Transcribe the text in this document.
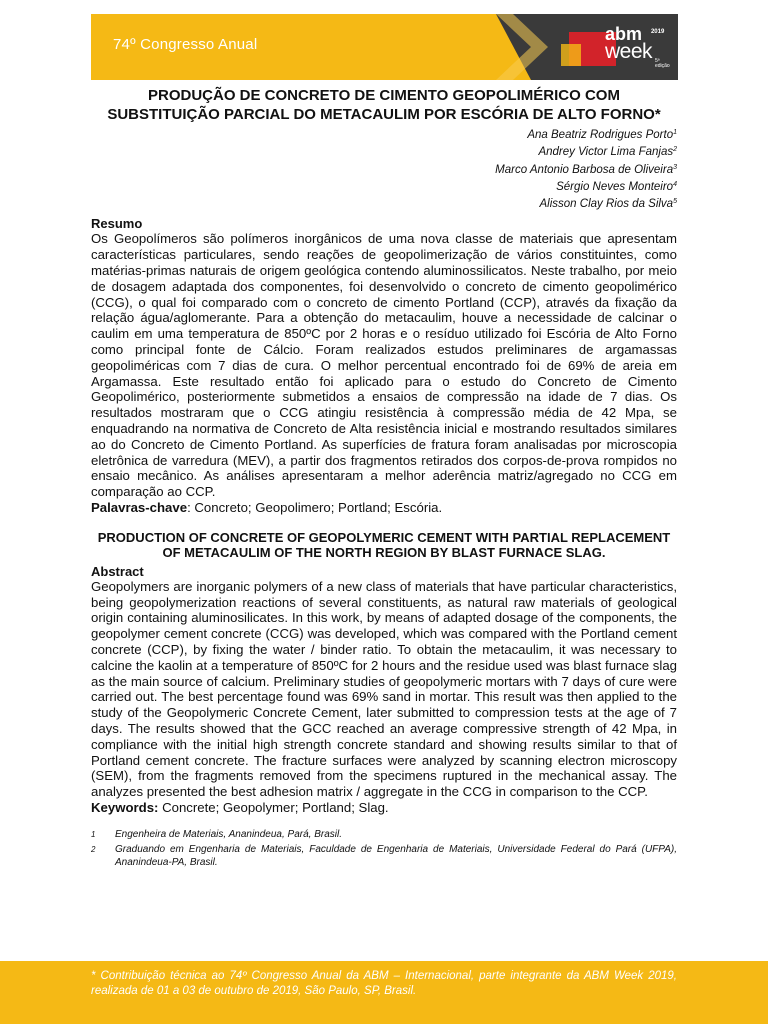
74º Congresso Anual
abm
week
2019
5ª edição
PRODUÇÃO DE CONCRETO DE CIMENTO GEOPOLIMÉRICO COM SUBSTITUIÇÃO PARCIAL DO METACAULIM POR ESCÓRIA DE ALTO FORNO*
Ana Beatriz Rodrigues Porto$^1$
Andrey Victor Lima Fanjas$^2$
Marco Antonio Barbosa de Oliveira$^3$
Sérgio Neves Monteiro$^4$
Alisson Clay Rios da Silva$^5$
Resumo

Os Geopolímeros são polímeros inorgânicos de uma nova classe de materiais que apresentam características particulares, sendo reações de geopolimerização de vários constituintes, como matérias-primas naturais de origem geológica contendo aluminossilicatos. Neste trabalho, por meio de dosagem adaptada dos componentes, foi desenvolvido o concreto de cimento geopolimérico (CCG), o qual foi comparado com o concreto de cimento Portland (CCP), através da fixação da relação água/aglomerante. Para a obtenção do metacaulim, houve a necessidade de calcinar o caulim em uma temperatura de 850ºC por 2 horas e o resíduo utilizado foi Escória de Alto Forno como principal fonte de Cálcio. Foram realizados estudos preliminares de argamassas geopoliméricas com 7 dias de cura. O melhor percentual encontrado foi de 69% de areia em Argamassa. Este resultado então foi aplicado para o estudo do Concreto de Cimento Geopolimérico, posteriormente submetidos a ensaios de compressão na idade de 7 dias. Os resultados mostraram que o CCG atingiu resistência à compressão média de 42 Mpa, se enquadrando na normativa de Concreto de Alta resistência inicial e mostrando resultados similares ao do Concreto de Cimento Portland. As superfícies de fratura foram analisadas por microscopia eletrônica de varredura (MEV), a partir dos fragmentos retirados dos corpos-de-prova rompidos no ensaio mecânico. As análises apresentaram a melhor aderência matriz/agregado no CCG em comparação ao CCP.

Palavras-chave: Concreto; Geopolimero; Portland; Escória.

PRODUCTION OF CONCRETE OF GEOPOLYMERIC CEMENT WITH PARTIAL REPLACEMENT OF METACAULIM OF THE NORTH REGION BY BLAST FURNACE SLAG.
Abstract

Geopolymers are inorganic polymers of a new class of materials that have particular characteristics, being geopolymerization reactions of several constituents, as natural raw materials of geological origin containing aluminosilicates. In this work, by means of adapted dosage of the components, the geopolymer cement concrete (CCG) was developed, which was compared with the Portland cement concrete (CCP), by fixing the water / binder ratio. To obtain the metacaulim, it was necessary to calcine the kaolin at a temperature of 850ºC for 2 hours and the residue used was blast furnace slag as the main source of calcium. Preliminary studies of geopolymeric mortars with 7 days of cure were carried out. The best percentage found was 69% sand in mortar. This result was then applied to the study of the Geopolymeric Concrete Cement, later submitted to compression tests at the age of 7 days. The results showed that the GCC reached an average compressive strength of 42 Mpa, in compliance with the initial high strength concrete standard and showing results similar to that of Portland cement concrete. The fracture surfaces were analyzed by scanning electron microscopy (SEM), from the fragments removed from the specimens ruptured in the mechanical assay. The analyzes presented the best adhesion matrix / aggregate in the CCG in comparison to the CCP.

Keywords: Concrete; Geopolymer; Portland; Slag.

1	Engenheira de Materiais, Ananindeua, Pará, Brasil.
2	Graduando em Engenharia de Materiais, Faculdade de Engenharia de Materiais, Universidade Federal do Pará (UFPA), Ananindeua-PA, Brasil.
* Contribuição técnica ao 74º Congresso Anual da ABM – Internacional, parte integrante da ABM Week 2019, realizada de 01 a 03 de outubro de 2019, São Paulo, SP, Brasil.
